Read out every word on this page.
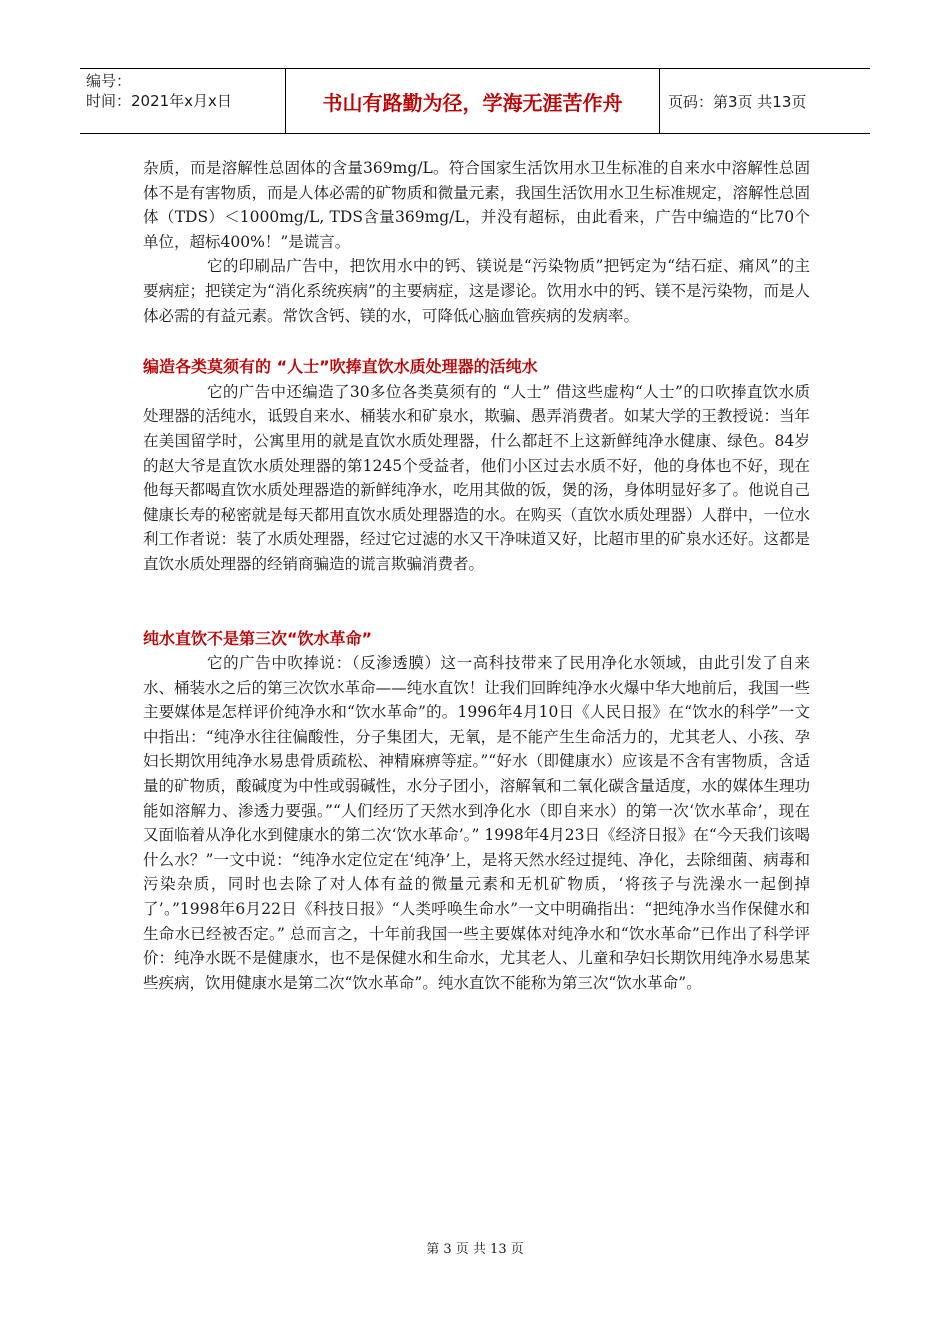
编号：
时间：2021年x月x日	书山有路勤为径，学海无涯苦作舟	页码：第3页 共13页

杂质，而是溶解性总固体的含量369mg/L。符合国家生活饮用水卫生标准的自来水中溶解性总固体不是有害物质，而是人体必需的矿物质和微量元素，我国生活饮用水卫生标准规定，溶解性总固体（TDS）＜1000mg/L, TDS含量369mg/L，并没有超标，由此看来，广告中编造的“比70个单位，超标400%！”是谎言。

它的印刷品广告中，把饮用水中的钙、镁说是“污染物质”把钙定为“结石症、痛风”的主要病症；把镁定为“消化系统疾病”的主要病症，这是谬论。饮用水中的钙、镁不是污染物，而是人体必需的有益元素。常饮含钙、镁的水，可降低心脑血管疾病的发病率。

编造各类莫须有的 “人士”吹捧直饮水质处理器的活纯水

它的广告中还编造了30多位各类莫须有的 “人士” 借这些虚构“人士”的口吹捧直饮水质处理器的活纯水，诋毁自来水、桶装水和矿泉水，欺骗、愚弄消费者。如某大学的王教授说：当年在美国留学时，公寓里用的就是直饮水质处理器，什么都赶不上这新鲜纯净水健康、绿色。84岁的赵大爷是直饮水质处理器的第1245个受益者，他们小区过去水质不好，他的身体也不好，现在他每天都喝直饮水质处理器造的新鲜纯净水，吃用其做的饭，煲的汤，身体明显好多了。他说自己健康长寿的秘密就是每天都用直饮水质处理器造的水。在购买（直饮水质处理器）人群中，一位水利工作者说：装了水质处理器，经过它过滤的水又干净味道又好，比超市里的矿泉水还好。这都是直饮水质处理器的经销商骗造的谎言欺骗消费者。

纯水直饮不是第三次“饮水革命”

它的广告中吹捧说：（反渗透膜）这一高科技带来了民用净化水领域，由此引发了自来水、桶装水之后的第三次饮水革命——纯水直饮！让我们回眸纯净水火爆中华大地前后，我国一些主要媒体是怎样评价纯净水和“饮水革命”的。1996年4月10日《人民日报》在“饮水的科学”一文中指出：“纯净水往往偏酸性，分子集团大，无氧，是不能产生生命活力的，尤其老人、小孩、孕妇长期饮用纯净水易患骨质疏松、神精麻痹等症。”“好水（即健康水）应该是不含有害物质，含适量的矿物质，酸碱度为中性或弱碱性，水分子团小，溶解氧和二氧化碳含量适度，水的媒体生理功能如溶解力、渗透力要强。”“人们经历了天然水到净化水（即自来水）的第一次‘饮水革命’，现在又面临着从净化水到健康水的第二次‘饮水革命’。” 1998年4月23日《经济日报》在“今天我们该喝什么水？”一文中说：“纯净水定位定在‘纯净’上，是将天然水经过提纯、净化，去除细菌、病毒和污染杂质，同时也去除了对人体有益的微量元素和无机矿物质，‘将孩子与洗澡水一起倒掉了’。”1998年6月22日《科技日报》“人类呼唤生命水”一文中明确指出：“把纯净水当作保健水和生命水已经被否定。” 总而言之，十年前我国一些主要媒体对纯净水和“饮水革命”已作出了科学评价：纯净水既不是健康水，也不是保健水和生命水，尤其老人、儿童和孕妇长期饮用纯净水易患某些疾病，饮用健康水是第二次“饮水革命”。纯水直饮不能称为第三次“饮水革命”。

第 3 页 共 13 页
